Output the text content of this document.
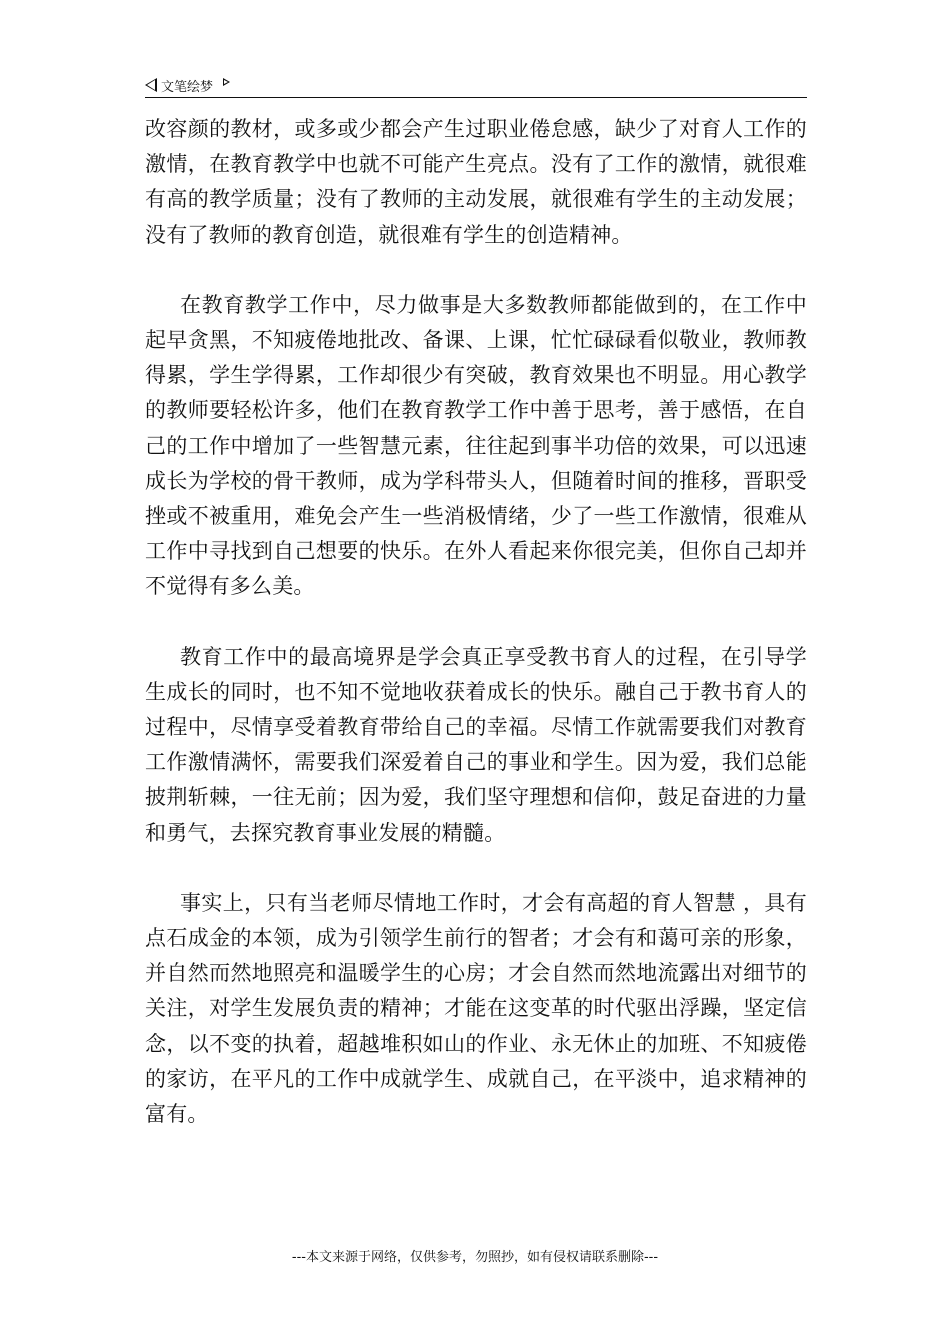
文笔绘梦

改容颜的教材，或多或少都会产生过职业倦怠感，缺少了对育人工作的激情，在教育教学中也就不可能产生亮点。没有了工作的激情，就很难有高的教学质量；没有了教师的主动发展，就很难有学生的主动发展；没有了教师的教育创造，就很难有学生的创造精神。

在教育教学工作中，尽力做事是大多数教师都能做到的，在工作中起早贪黑，不知疲倦地批改、备课、上课，忙忙碌碌看似敬业，教师教得累，学生学得累，工作却很少有突破，教育效果也不明显。用心教学的教师要轻松许多，他们在教育教学工作中善于思考，善于感悟，在自己的工作中增加了一些智慧元素，往往起到事半功倍的效果，可以迅速成长为学校的骨干教师，成为学科带头人，但随着时间的推移，晋职受挫或不被重用，难免会产生一些消极情绪，少了一些工作激情，很难从工作中寻找到自己想要的快乐。在外人看起来你很完美，但你自己却并不觉得有多么美。

教育工作中的最高境界是学会真正享受教书育人的过程，在引导学生成长的同时，也不知不觉地收获着成长的快乐。融自己于教书育人的过程中，尽情享受着教育带给自己的幸福。尽情工作就需要我们对教育工作激情满怀，需要我们深爱着自己的事业和学生。因为爱，我们总能披荆斩棘，一往无前；因为爱，我们坚守理想和信仰，鼓足奋进的力量和勇气，去探究教育事业发展的精髓。

事实上，只有当老师尽情地工作时，才会有高超的育人智慧 ，具有点石成金的本领，成为引领学生前行的智者；才会有和蔼可亲的形象，并自然而然地照亮和温暖学生的心房；才会自然而然地流露出对细节的关注，对学生发展负责的精神；才能在这变革的时代驱出浮躁，坚定信念，以不变的执着，超越堆积如山的作业、永无休止的加班、不知疲倦的家访，在平凡的工作中成就学生、成就自己，在平淡中，追求精神的富有。

---本文来源于网络，仅供参考，勿照抄，如有侵权请联系删除---
